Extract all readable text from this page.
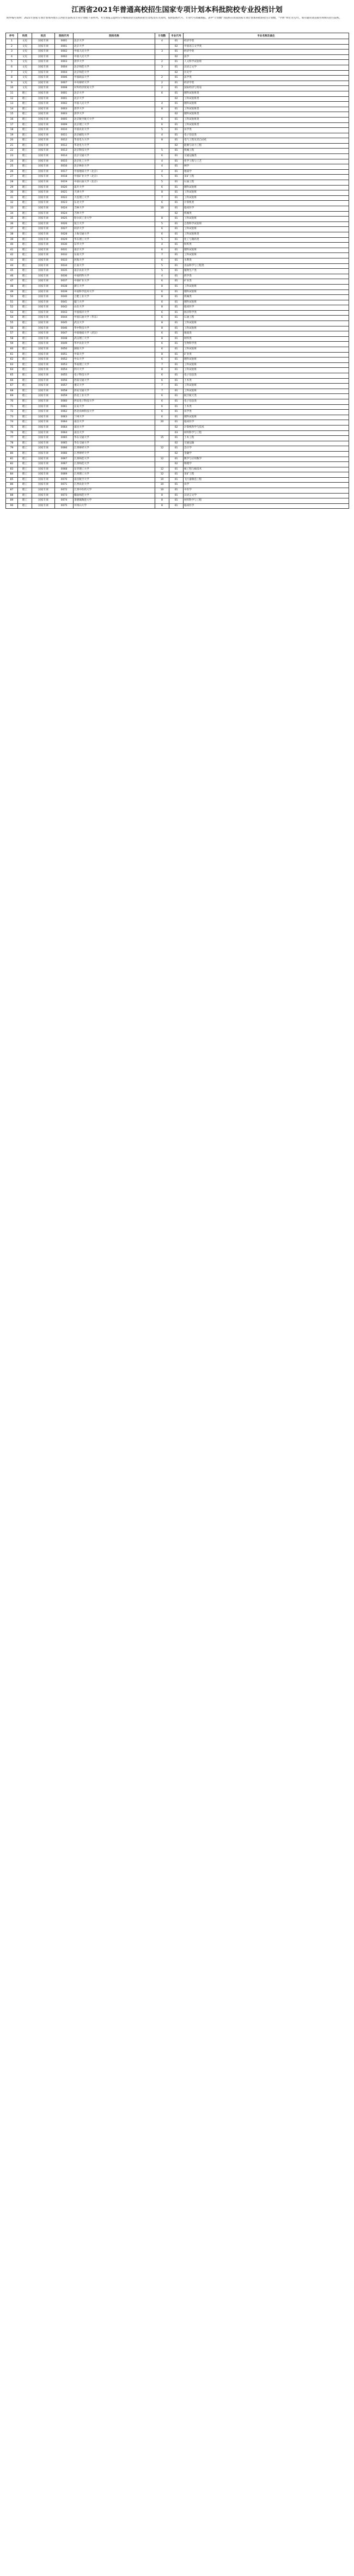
江西省2021年普通高校招生国家专项计划本科批院校专业投档计划
附件编号说明：2021年国家专项计划本科批在江西招生院校及专业计划如下表所列。考生填报志愿时应仔细阅读招生院校的招生章程及有关说明，按照院校代号、专业代号准确填报。表中“计划数”为院校在我省国家专项计划本科批的招生计划数，“学费”单位为元/年。如有疑问请直接咨询相关招生院校。
序号	科类	批次	院校代号	院校名称	计划数	专业代号	专业名称及备注
1	文史	国家专项	0001	北京大学	4	01	经济学类
2	文史	国家专项	0001	北京大学		02	中国语言文学类
3	文史	国家专项	0002	中国人民大学	3	01	经济学类
4	文史	国家专项	0002	中国人民大学		02	法学
5	文史	国家专项	0003	清华大学	2	01	人文科学试验班
6	文史	国家专项	0004	北京师范大学	3	01	汉语言文学
7	文史	国家专项	0004	北京师范大学		02	历史学
8	文史	国家专项	0006	中国政法大学	2	01	法学类
9	文史	国家专项	0007	中央财经大学	2	01	经济学类
10	文史	国家专项	0008	对外经济贸易大学	2	01	国际经济与贸易
11	理工	国家专项	0001	北京大学	6	01	理科试验班类
12	理工	国家专项	0001	北京大学		02	工科试验班类
13	理工	国家专项	0002	中国人民大学	4	01	理科试验班
14	理工	国家专项	0003	清华大学	8	01	工科试验班类
15	理工	国家专项	0003	清华大学		02	理科试验班类
16	理工	国家专项	0005	北京航空航天大学	6	01	工科试验班类
17	理工	国家专项	0009	北京理工大学	6	01	工科试验班类
18	理工	国家专项	0010	中国农业大学	5	01	农学类
19	理工	国家专项	0011	北京邮电大学	4	01	电子信息类
20	理工	国家专项	0012	华北电力大学	8	01	电气工程及其自动化
21	理工	国家专项	0012	华北电力大学		02	能源与动力工程
22	理工	国家专项	0013	北京科技大学	5	01	机械工程
23	理工	国家专项	0014	北京交通大学	6	01	交通运输类
24	理工	国家专项	0015	北京化工大学	4	01	化学工程与工艺
25	理工	国家专项	0016	北京林业大学	4	01	林学
26	理工	国家专项	0017	中国地质大学（北京）	4	01	地质学
27	理工	国家专项	0018	中国矿业大学（北京）	5	01	采矿工程
28	理工	国家专项	0019	中国石油大学（北京）	5	01	石油工程
29	理工	国家专项	0020	南开大学	6	01	理科试验班
30	理工	国家专项	0021	天津大学	8	01	工科试验班
31	理工	国家专项	0022	大连理工大学	7	01	工科试验班
32	理工	国家专项	0023	东北大学	6	01	计算机类
33	理工	国家专项	0024	吉林大学	10	01	临床医学
34	理工	国家专项	0024	吉林大学		02	机械类
35	理工	国家专项	0025	哈尔滨工业大学	8	01	工科试验班
36	理工	国家专项	0026	复旦大学	5	01	自然科学试验班
37	理工	国家专项	0027	同济大学	6	01	工科试验班
38	理工	国家专项	0028	上海交通大学	6	01	工科试验班类
39	理工	国家专项	0029	华东理工大学	5	01	化工与制药类
40	理工	国家专项	0030	东华大学	4	01	纺织类
41	理工	国家专项	0031	南京大学	6	01	理科试验班
42	理工	国家专项	0032	东南大学	7	01	工科试验班
43	理工	国家专项	0033	河海大学	6	01	水利类
44	理工	国家专项	0034	江南大学	5	01	食品科学与工程类
45	理工	国家专项	0035	南京农业大学	5	01	植物生产类
46	理工	国家专项	0036	中国药科大学	4	01	药学类
47	理工	国家专项	0037	中国矿业大学	6	01	矿业类
48	理工	国家专项	0038	浙江大学	8	01	工科试验班
49	理工	国家专项	0039	中国科学技术大学	6	01	理科试验班
50	理工	国家专项	0040	合肥工业大学	8	01	机械类
51	理工	国家专项	0041	厦门大学	6	01	理科试验班
52	理工	国家专项	0042	山东大学	8	01	临床医学
53	理工	国家专项	0043	中国海洋大学	6	01	海洋科学类
54	理工	国家专项	0044	中国石油大学（华东）	6	01	石油工程
55	理工	国家专项	0045	武汉大学	8	01	工科试验班
56	理工	国家专项	0046	华中科技大学	8	01	工科试验班
57	理工	国家专项	0047	中国地质大学（武汉）	6	01	地质类
58	理工	国家专项	0048	武汉理工大学	8	01	材料类
59	理工	国家专项	0049	华中农业大学	6	01	生物科学类
60	理工	国家专项	0050	湖南大学	6	01	工科试验班
61	理工	国家专项	0051	中南大学	8	01	矿业类
62	理工	国家专项	0052	中山大学	6	01	理科试验班
63	理工	国家专项	0053	华南理工大学	7	01	工科试验班
64	理工	国家专项	0054	四川大学	8	01	工科试验班
65	理工	国家专项	0055	电子科技大学	6	01	电子信息类
66	理工	国家专项	0056	西南交通大学	6	01	土木类
67	理工	国家专项	0057	重庆大学	7	01	工科试验班
68	理工	国家专项	0058	西安交通大学	7	01	工科试验班
69	理工	国家专项	0059	西北工业大学	6	01	航空航天类
70	理工	国家专项	0060	西安电子科技大学	6	01	电子信息类
71	理工	国家专项	0061	长安大学	6	01	土木类
72	理工	国家专项	0062	西北农林科技大学	6	01	农学类
73	理工	国家专项	0063	兰州大学	6	01	理科试验班
74	理工	国家专项	0064	南昌大学	20	01	临床医学
75	理工	国家专项	0064	南昌大学		02	计算机科学与技术
76	理工	国家专项	0064	南昌大学		03	材料科学与工程
77	理工	国家专项	0065	华东交通大学	15	01	土木工程
78	理工	国家专项	0065	华东交通大学		02	交通运输
79	理工	国家专项	0066	江西财经大学	12	01	会计学
80	理工	国家专项	0066	江西财经大学		02	金融学
81	理工	国家专项	0067	江西师范大学	12	01	数学与应用数学
82	理工	国家专项	0067	江西师范大学		02	物理学
83	理工	国家专项	0068	东华理工大学	12	01	核工程与核技术
84	理工	国家专项	0069	江西理工大学	12	01	采矿工程
85	理工	国家专项	0070	南昌航空大学	10	01	飞行器制造工程
86	理工	国家专项	0071	江西农业大学	10	01	农学
87	理工	国家专项	0072	江西中医药大学	10	01	中医学
88	理工	国家专项	0073	赣南师范大学	8	01	汉语言文学
89	理工	国家专项	0074	景德镇陶瓷大学	8	01	材料科学与工程
90	理工	国家专项	0075	井冈山大学	8	01	临床医学
